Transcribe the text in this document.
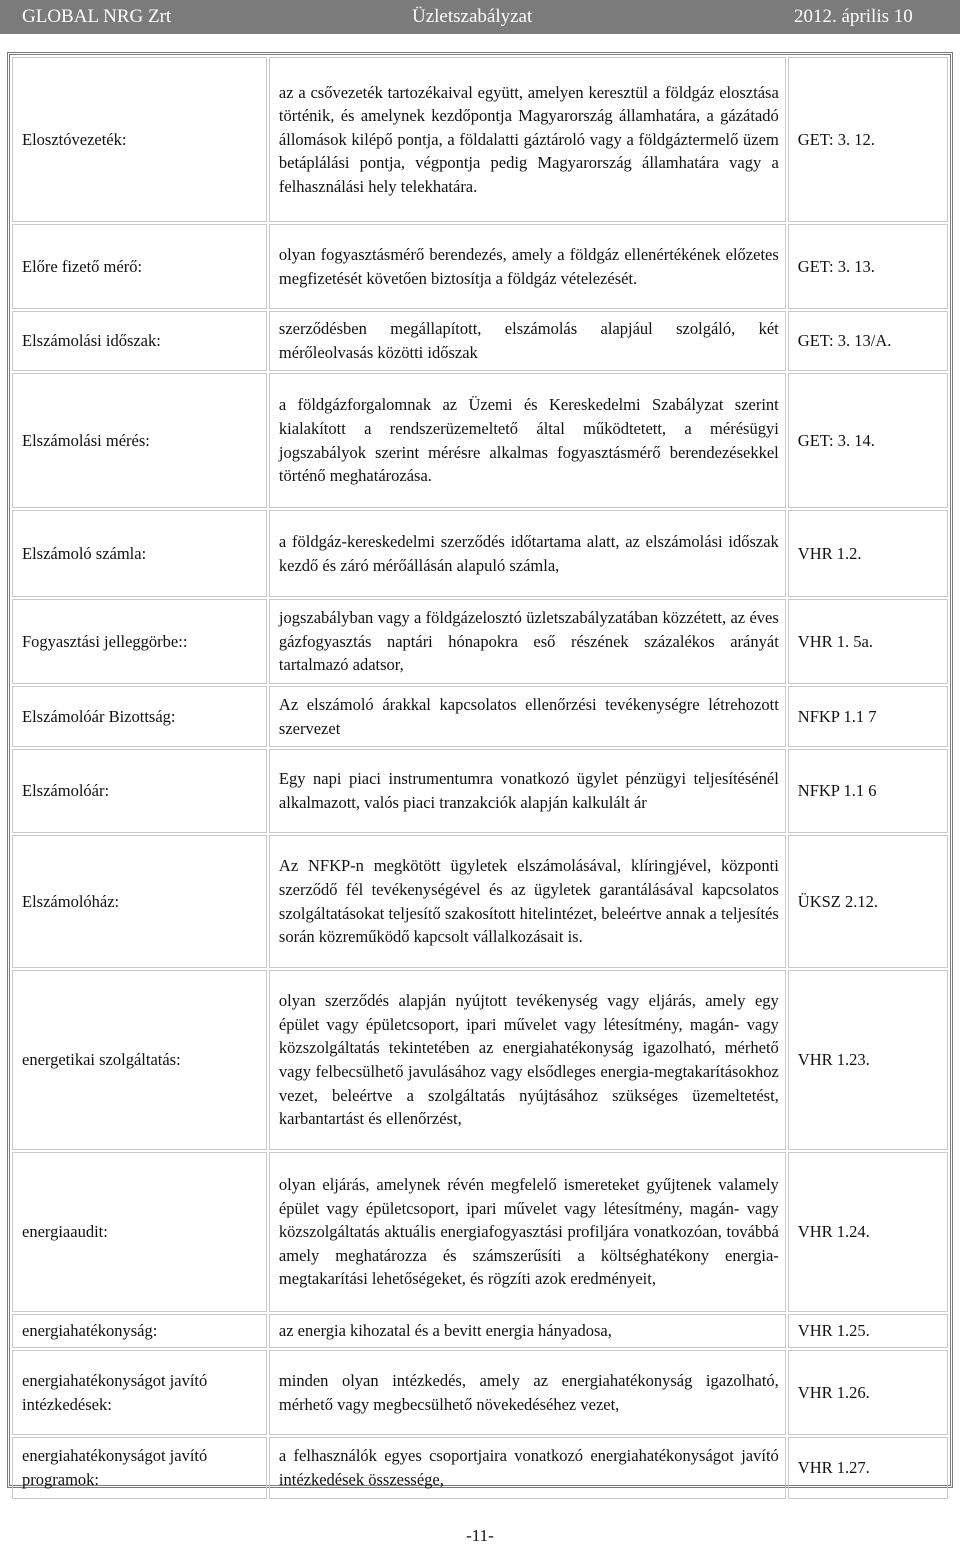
GLOBAL NRG Zrt	Üzletszabályzat	2012. április 10
Elosztóvezeték:	az a csővezeték tartozékaival együtt, amelyen keresztül a földgáz elosztása történik, és amelynek kezdőpontja Magyarország államhatára, a gázátadó állomások kilépő pontja, a földalatti gáztároló vagy a földgáztermelő üzem betáplálási pontja, végpontja pedig Magyarország államhatára vagy a felhasználási hely telekhatára.	GET: 3. 12.
Előre fizető mérő:	olyan fogyasztásmérő berendezés, amely a földgáz ellenértékének előzetes megfizetését követően biztosítja a földgáz vételezését.	GET: 3. 13.
Elszámolási időszak:	szerződésben megállapított, elszámolás alapjául szolgáló, két mérőleolvasás közötti időszak	GET: 3. 13/A.
Elszámolási mérés:	a földgázforgalomnak az Üzemi és Kereskedelmi Szabályzat szerint kialakított a rendszerüzemeltető által működtetett, a mérésügyi jogszabályok szerint mérésre alkalmas fogyasztásmérő berendezésekkel történő meghatározása.	GET: 3. 14.
Elszámoló számla:	a földgáz-kereskedelmi szerződés időtartama alatt, az elszámolási időszak kezdő és záró mérőállásán alapuló számla,	VHR 1.2.
Fogyasztási jelleggörbe::	jogszabályban vagy a földgázelosztó üzletszabályzatában közzétett, az éves gázfogyasztás naptári hónapokra eső részének százalékos arányát tartalmazó adatsor,	VHR 1. 5a.
Elszámolóár Bizottság:	Az elszámoló árakkal kapcsolatos ellenőrzési tevékenységre létrehozott szervezet	NFKP 1.1 7
Elszámolóár:	Egy napi piaci instrumentumra vonatkozó ügylet pénzügyi teljesítésénél alkalmazott, valós piaci tranzakciók alapján kalkulált ár	NFKP 1.1 6
Elszámolóház:	Az NFKP-n megkötött ügyletek elszámolásával, klíringjével, központi szerződő fél tevékenységével és az ügyletek garantálásával kapcsolatos szolgáltatásokat teljesítő szakosított hitelintézet, beleértve annak a teljesítés során közreműködő kapcsolt vállalkozásait is.	ÜKSZ 2.12.
energetikai szolgáltatás:	olyan szerződés alapján nyújtott tevékenység vagy eljárás, amely egy épület vagy épületcsoport, ipari művelet vagy létesítmény, magán- vagy közszolgáltatás tekintetében az energiahatékonyság igazolható, mérhető vagy felbecsülhető javulásához vagy elsődleges energia-megtakarításokhoz vezet, beleértve a szolgáltatás nyújtásához szükséges üzemeltetést, karbantartást és ellenőrzést,	VHR 1.23.
energiaaudit:	olyan eljárás, amelynek révén megfelelő ismereteket gyűjtenek valamely épület vagy épületcsoport, ipari művelet vagy létesítmény, magán- vagy közszolgáltatás aktuális energiafogyasztási profiljára vonatkozóan, továbbá amely meghatározza és számszerűsíti a költséghatékony energia-megtakarítási lehetőségeket, és rögzíti azok eredményeit,	VHR 1.24.
energiahatékonyság:	az energia kihozatal és a bevitt energia hányadosa,	VHR 1.25.
energiahatékonyságot javító intézkedések:	minden olyan intézkedés, amely az energiahatékonyság igazolható, mérhető vagy megbecsülhető növekedéséhez vezet,	VHR 1.26.
energiahatékonyságot javító programok:	a felhasználók egyes csoportjaira vonatkozó energiahatékonyságot javító intézkedések összessége,	VHR 1.27.
-11-
